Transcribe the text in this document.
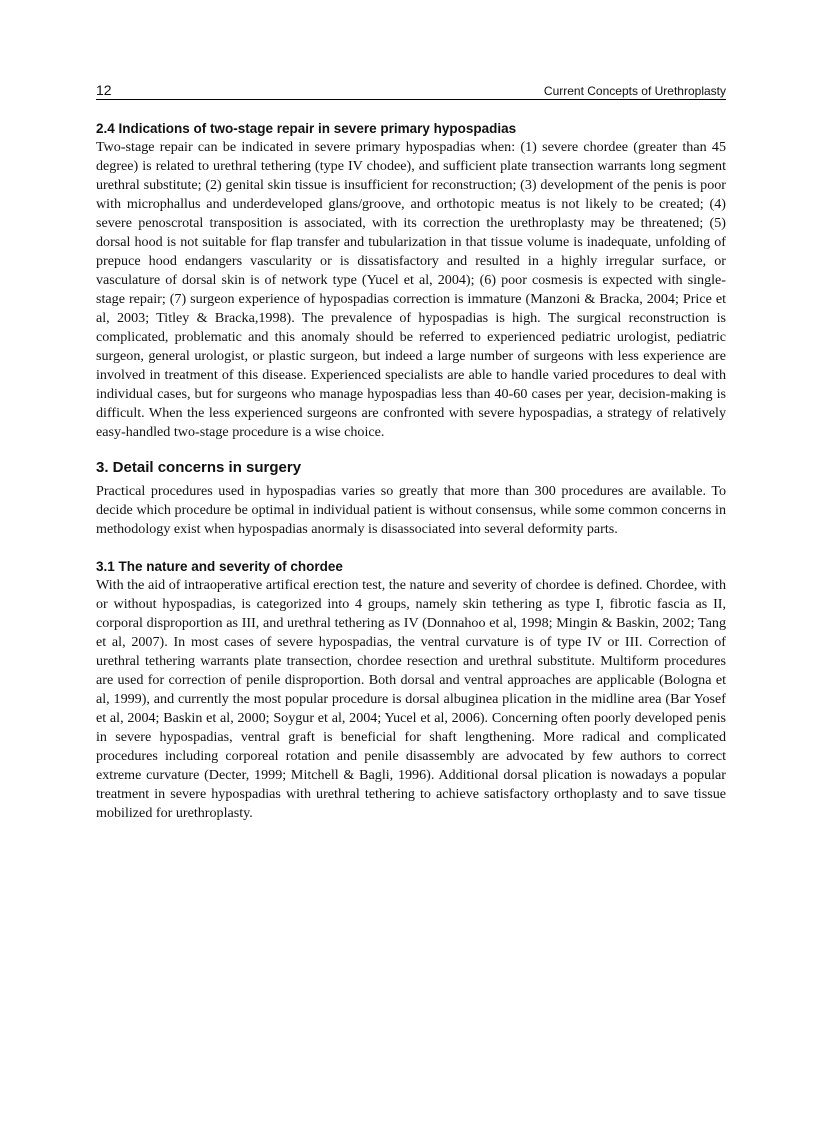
12	Current Concepts of Urethroplasty
2.4 Indications of two-stage repair in severe primary hypospadias

Two-stage repair can be indicated in severe primary hypospadias when: (1) severe chordee (greater than 45 degree) is related to urethral tethering (type IV chodee), and sufficient plate transection warrants long segment urethral substitute; (2) genital skin tissue is insufficient for reconstruction; (3) development of the penis is poor with microphallus and underdeveloped glans/groove, and orthotopic meatus is not likely to be created; (4) severe penoscrotal transposition is associated, with its correction the urethroplasty may be threatened; (5) dorsal hood is not suitable for flap transfer and tubularization in that tissue volume is inadequate, unfolding of prepuce hood endangers vascularity or is dissatisfactory and resulted in a highly irregular surface, or vasculature of dorsal skin is of network type (Yucel et al, 2004); (6) poor cosmesis is expected with single-stage repair; (7) surgeon experience of hypospadias correction is immature (Manzoni & Bracka, 2004; Price et al, 2003; Titley & Bracka,1998). The prevalence of hypospadias is high. The surgical reconstruction is complicated, problematic and this anomaly should be referred to experienced pediatric urologist, pediatric surgeon, general urologist, or plastic surgeon, but indeed a large number of surgeons with less experience are involved in treatment of this disease. Experienced specialists are able to handle varied procedures to deal with individual cases, but for surgeons who manage hypospadias less than 40-60 cases per year, decision-making is difficult. When the less experienced surgeons are confronted with severe hypospadias, a strategy of relatively easy-handled two-stage procedure is a wise choice.

3. Detail concerns in surgery

Practical procedures used in hypospadias varies so greatly that more than 300 procedures are available. To decide which procedure be optimal in individual patient is without consensus, while some common concerns in methodology exist when hypospadias anormaly is disassociated into several deformity parts.

3.1 The nature and severity of chordee

With the aid of intraoperative artifical erection test, the nature and severity of chordee is defined. Chordee, with or without hypospadias, is categorized into 4 groups, namely skin tethering as type I, fibrotic fascia as II, corporal disproportion as III, and urethral tethering as IV (Donnahoo et al, 1998; Mingin & Baskin, 2002; Tang et al, 2007). In most cases of severe hypospadias, the ventral curvature is of type IV or III. Correction of urethral tethering warrants plate transection, chordee resection and urethral substitute. Multiform procedures are used for correction of penile disproportion. Both dorsal and ventral approaches are applicable (Bologna et al, 1999), and currently the most popular procedure is dorsal albuginea plication in the midline area (Bar Yosef et al, 2004; Baskin et al, 2000; Soygur et al, 2004; Yucel et al, 2006). Concerning often poorly developed penis in severe hypospadias, ventral graft is beneficial for shaft lengthening. More radical and complicated procedures including corporeal rotation and penile disassembly are advocated by few authors to correct extreme curvature (Decter, 1999; Mitchell & Bagli, 1996). Additional dorsal plication is nowadays a popular treatment in severe hypospadias with urethral tethering to achieve satisfactory orthoplasty and to save tissue mobilized for urethroplasty.
